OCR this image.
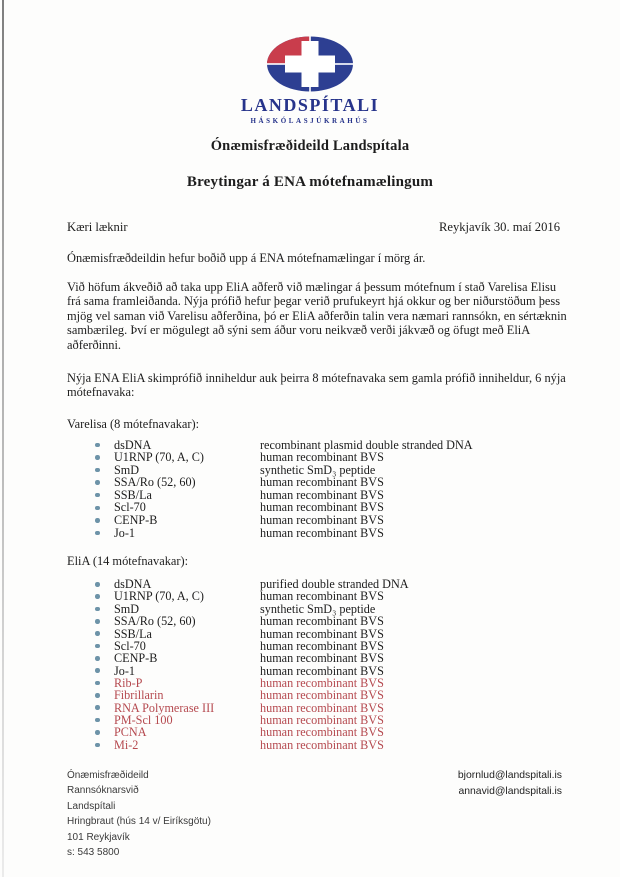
LANDSPÍTALI
HÁSKÓLASJÚKRAHÚS
Ónæmisfræðideild Landspítala
Breytingar á ENA mótefnamælingum
Kæri læknir	Reykjavík 30. maí 2016

Ónæmisfræðdeildin hefur boðið upp á ENA mótefnamælingar í mörg ár.

Við höfum ákveðið að taka upp EliA aðferð við mælingar á þessum mótefnum í stað Varelisa Elisu frá sama framleiðanda. Nýja prófið hefur þegar verið prufukeyrt hjá okkur og ber niðurstöðum þess mjög vel saman við Varelisu aðferðina, þó er EliA aðferðin talin vera næmari rannsókn, en sértæknin sambærileg. Því er mögulegt að sýni sem áður voru neikvæð verði jákvæð og öfugt með EliA aðferðinni.

Nýja ENA EliA skimprófið inniheldur auk þeirra 8 mótefnavaka sem gamla prófið inniheldur, 6 nýja mótefnavaka:

Varelisa (8 mótefnavakar):
dsDNA	recombinant plasmid double stranded DNA
U1RNP (70, A, C)	human recombinant BVS
SmD	synthetic SmD₃ peptide
SSA/Ro (52, 60)	human recombinant BVS
SSB/La	human recombinant BVS
Scl-70	human recombinant BVS
CENP-B	human recombinant BVS
Jo-1	human recombinant BVS
EliA (14 mótefnavakar):
dsDNA	purified double stranded DNA
U1RNP (70, A, C)	human recombinant BVS
SmD	synthetic SmD₃ peptide
SSA/Ro (52, 60)	human recombinant BVS
SSB/La	human recombinant BVS
Scl-70	human recombinant BVS
CENP-B	human recombinant BVS
Jo-1	human recombinant BVS
Rib-P	human recombinant BVS
Fibrillarin	human recombinant BVS
RNA Polymerase III	human recombinant BVS
PM-Scl 100	human recombinant BVS
PCNA	human recombinant BVS
Mi-2	human recombinant BVS
Ónæmisfræðideild
Rannsóknarsvið
Landspítali
Hringbraut (hús 14 v/ Eiríksgötu)
101 Reykjavík
s: 543 5800
bjornlud@landspitali.is
annavid@landspitali.is
